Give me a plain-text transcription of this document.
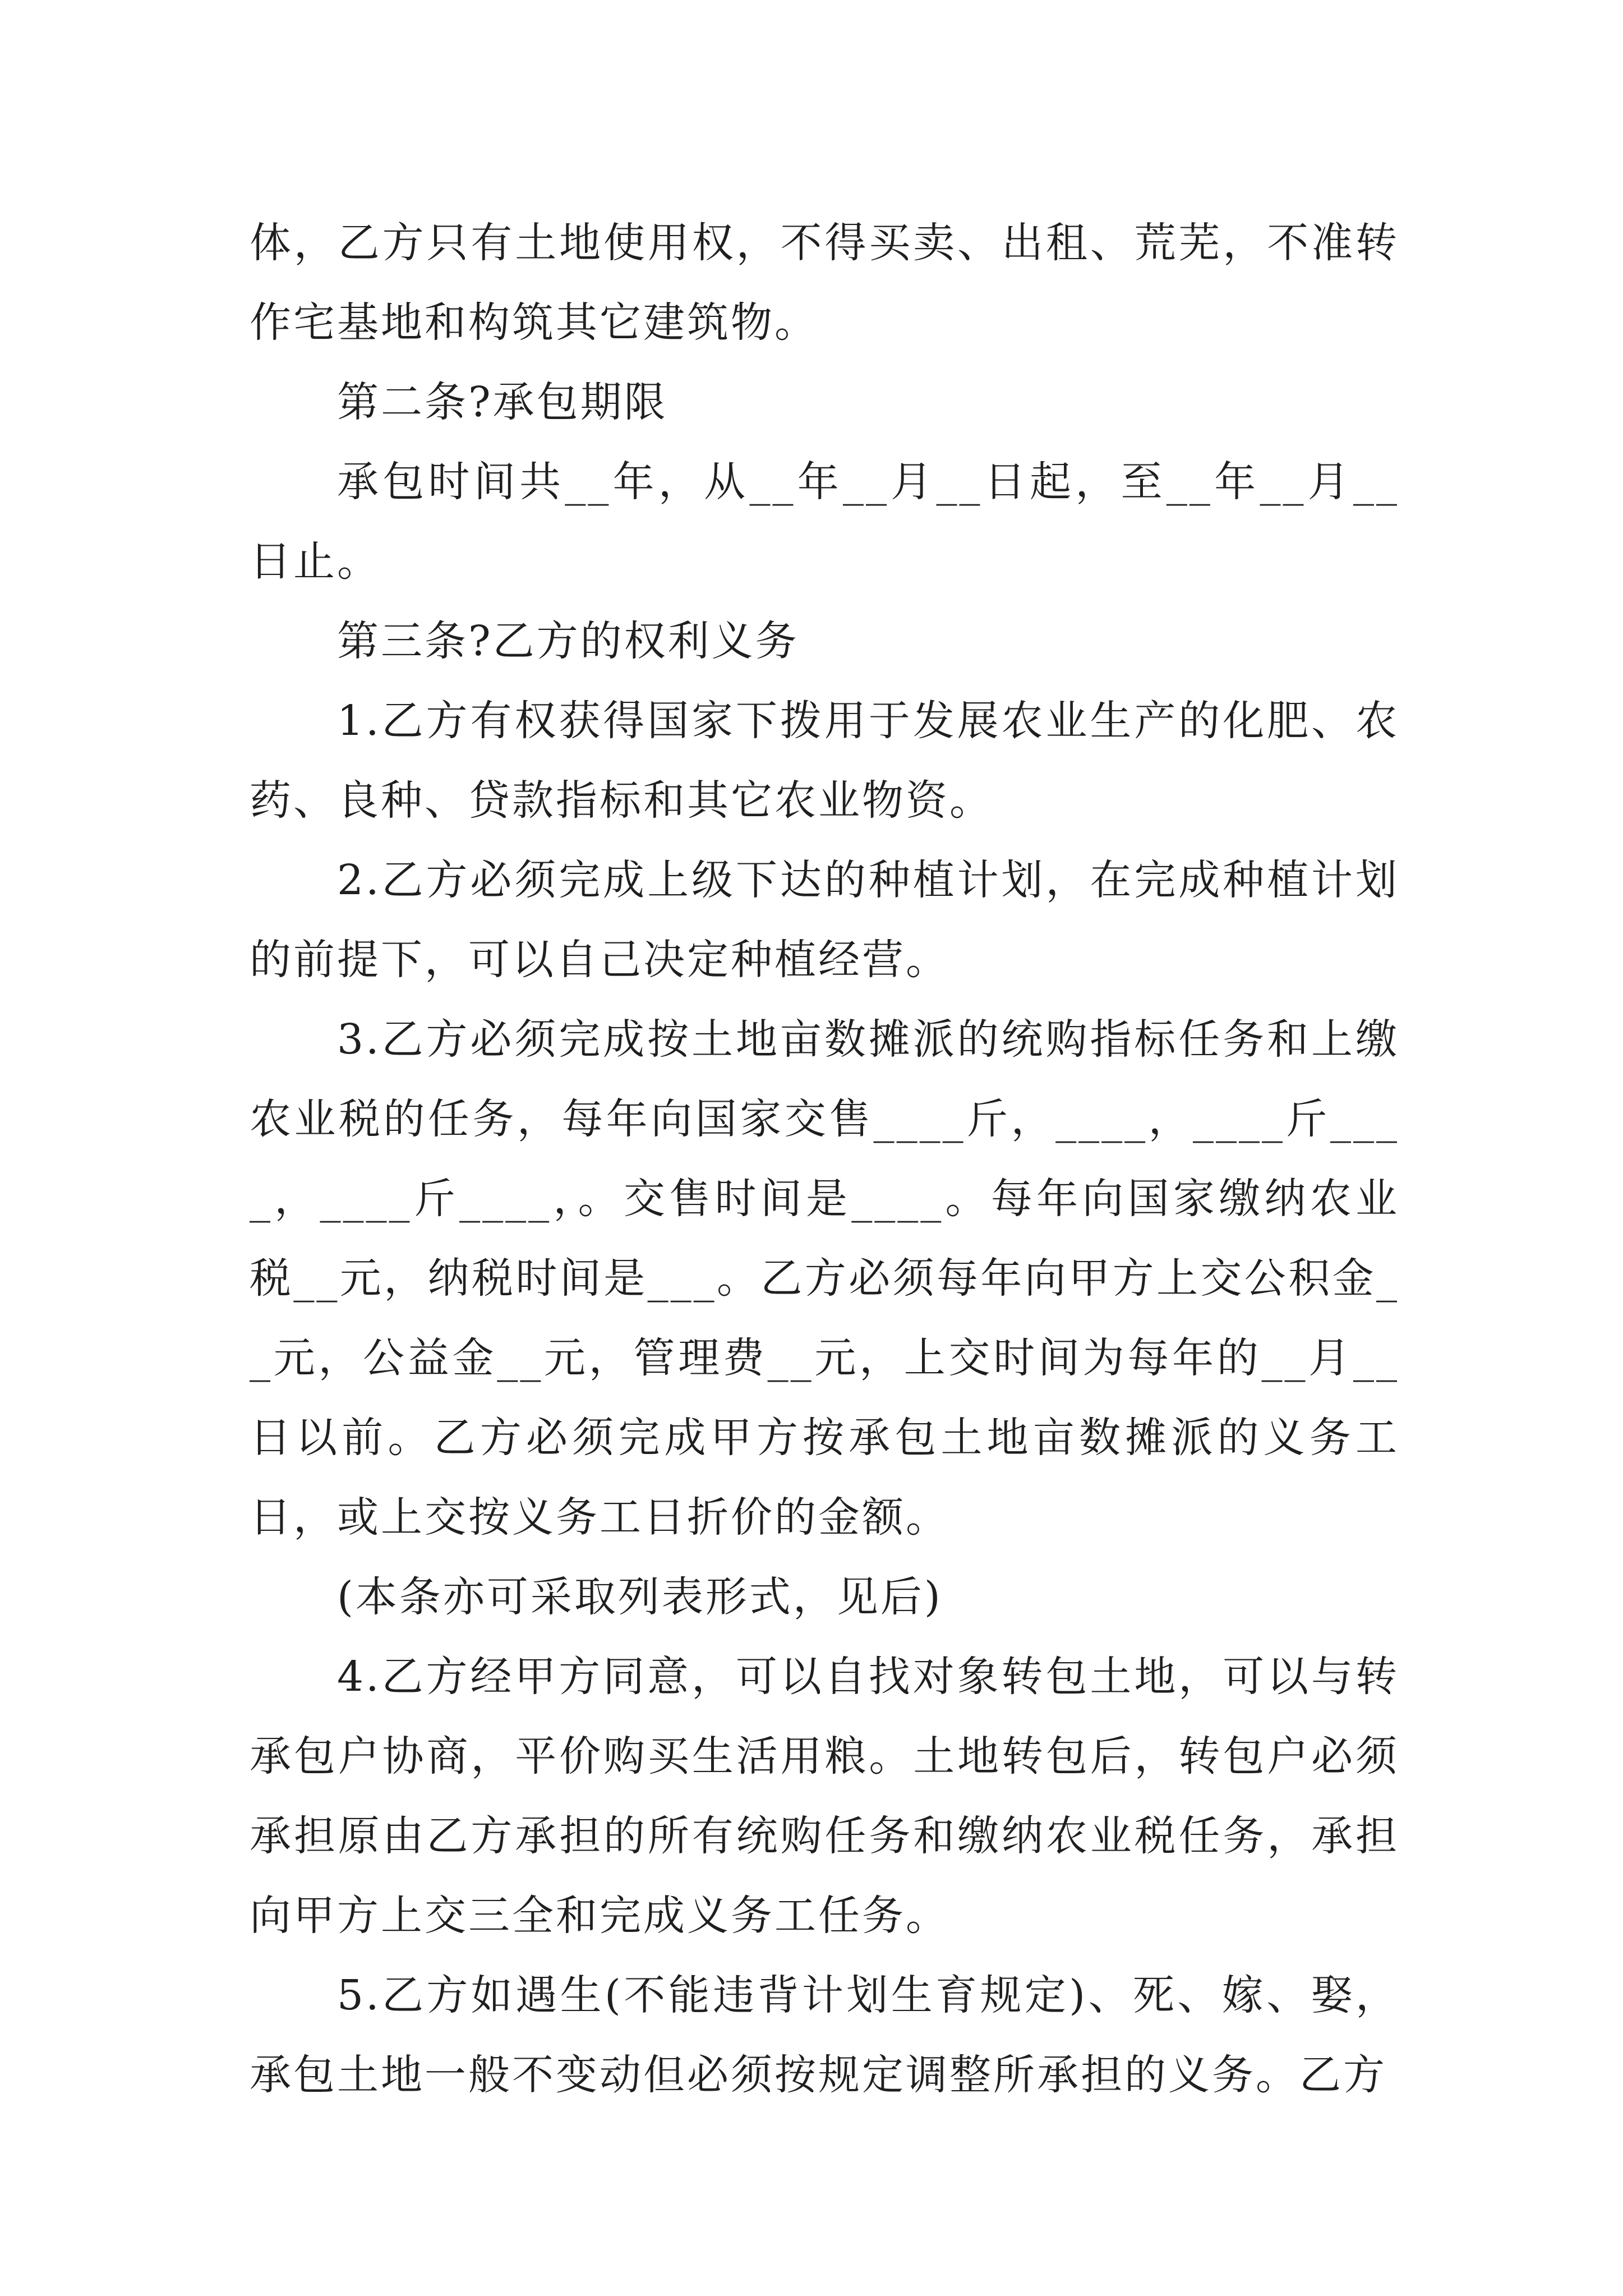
体，乙方只有土地使用权，不得买卖、出租、荒芜，不准转作宅基地和构筑其它建筑物。

第二条?承包期限

承包时间共__年，从__年__月__日起，至__年__月__日止。

第三条?乙方的权利义务

1.乙方有权获得国家下拨用于发展农业生产的化肥、农药、良种、贷款指标和其它农业物资。

2.乙方必须完成上级下达的种植计划，在完成种植计划的前提下，可以自己决定种植经营。

3.乙方必须完成按土地亩数摊派的统购指标任务和上缴农业税的任务，每年向国家交售____斤，____，____斤____，____斤____，。交售时间是____。每年向国家缴纳农业税__元，纳税时间是___。乙方必须每年向甲方上交公积金__元，公益金__元，管理费__元，上交时间为每年的__月__日以前。乙方必须完成甲方按承包土地亩数摊派的义务工日，或上交按义务工日折价的金额。

(本条亦可采取列表形式，见后)

4.乙方经甲方同意，可以自找对象转包土地，可以与转承包户协商，平价购买生活用粮。土地转包后，转包户必须承担原由乙方承担的所有统购任务和缴纳农业税任务，承担向甲方上交三全和完成义务工任务。

5.乙方如遇生(不能违背计划生育规定)、死、嫁、娶，承包土地一般不变动但必须按规定调整所承担的义务。乙方
